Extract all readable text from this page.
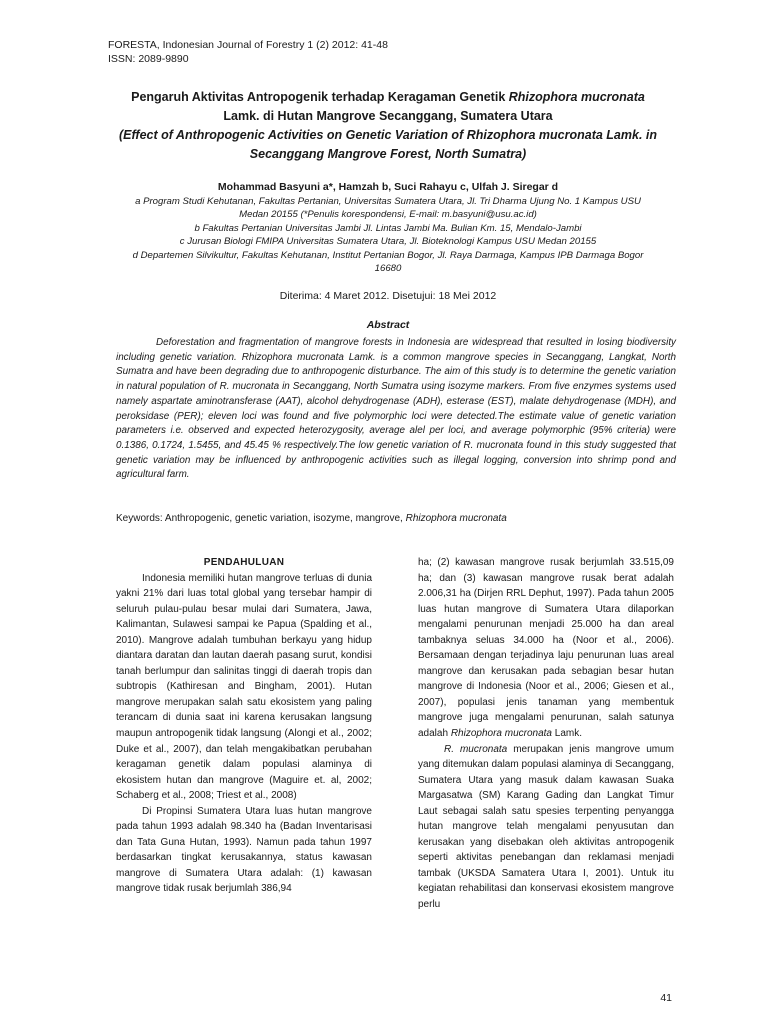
FORESTA, Indonesian Journal of Forestry 1 (2) 2012: 41-48
ISSN: 2089-9890
Pengaruh Aktivitas Antropogenik terhadap Keragaman Genetik Rhizophora mucronata
Lamk. di Hutan Mangrove Secanggang, Sumatera Utara
(Effect of Anthropogenic Activities on Genetic Variation of Rhizophora mucronata Lamk. in
Secanggang Mangrove Forest, North Sumatra)
Mohammad Basyuni a*, Hamzah b, Suci Rahayu c, Ulfah J. Siregar d
a Program Studi Kehutanan, Fakultas Pertanian, Universitas Sumatera Utara, Jl. Tri Dharma Ujung No. 1 Kampus USU
Medan 20155 (*Penulis korespondensi, E-mail: m.basyuni@usu.ac.id)
b Fakultas Pertanian Universitas Jambi Jl. Lintas Jambi Ma. Bulian Km. 15, Mendalo-Jambi
c Jurusan Biologi FMIPA Universitas Sumatera Utara, Jl. Bioteknologi Kampus USU Medan 20155
d Departemen Silvikultur, Fakultas Kehutanan, Institut Pertanian Bogor, Jl. Raya Darmaga, Kampus IPB Darmaga Bogor
16680
Diterima: 4 Maret 2012. Disetujui: 18 Mei 2012
Abstract
Deforestation and fragmentation of mangrove forests in Indonesia are widespread that resulted in losing biodiversity including genetic variation. Rhizophora mucronata Lamk. is a common mangrove species in Secanggang, Langkat, North Sumatra and have been degrading due to anthropogenic disturbance. The aim of this study is to determine the genetic variation in natural population of R. mucronata in Secanggang, North Sumatra using isozyme markers. From five enzymes systems used namely aspartate aminotransferase (AAT), alcohol dehydrogenase (ADH), esterase (EST), malate dehydrogenase (MDH), and peroksidase (PER); eleven loci was found and five polymorphic loci were detected.The estimate value of genetic variation parameters i.e. observed and expected heterozygosity, average alel per loci, and average polymorphic (95% criteria) were 0.1386, 0.1724, 1.5455, and 45.45 % respectively.The low genetic variation of R. mucronata found in this study suggested that genetic variation may be influenced by anthropogenic activities such as illegal logging, conversion into shrimp pond and agricultural farm.
Keywords: Anthropogenic, genetic variation, isozyme, mangrove, Rhizophora mucronata
PENDAHULUAN

Indonesia memiliki hutan mangrove terluas di dunia yakni 21% dari luas total global yang tersebar hampir di seluruh pulau-pulau besar mulai dari Sumatera, Jawa, Kalimantan, Sulawesi sampai ke Papua (Spalding et al., 2010). Mangrove adalah tumbuhan berkayu yang hidup diantara daratan dan lautan daerah pasang surut, kondisi tanah berlumpur dan salinitas tinggi di daerah tropis dan subtropis (Kathiresan and Bingham, 2001). Hutan mangrove merupakan salah satu ekosistem yang paling terancam di dunia saat ini karena kerusakan langsung maupun antropogenik tidak langsung (Alongi et al., 2002; Duke et al., 2007), dan telah mengakibatkan perubahan keragaman genetik dalam populasi alaminya di ekosistem hutan dan mangrove (Maguire et. al, 2002; Schaberg et al., 2008; Triest et al., 2008)

Di Propinsi Sumatera Utara luas hutan mangrove pada tahun 1993 adalah 98.340 ha (Badan Inventarisasi dan Tata Guna Hutan, 1993). Namun pada tahun 1997 berdasarkan tingkat kerusakannya, status kawasan mangrove di Sumatera Utara adalah: (1) kawasan mangrove tidak rusak berjumlah 386,94

ha; (2) kawasan mangrove rusak berjumlah 33.515,09 ha; dan (3) kawasan mangrove rusak berat adalah 2.006,31 ha (Dirjen RRL Dephut, 1997). Pada tahun 2005 luas hutan mangrove di Sumatera Utara dilaporkan mengalami penurunan menjadi 25.000 ha dan areal tambaknya seluas 34.000 ha (Noor et al., 2006). Bersamaan dengan terjadinya laju penurunan luas areal mangrove dan kerusakan pada sebagian besar hutan mangrove di Indonesia (Noor et al., 2006; Giesen et al., 2007), populasi jenis tanaman yang membentuk mangrove juga mengalami penurunan, salah satunya adalah Rhizophora mucronata Lamk.

R. mucronata merupakan jenis mangrove umum yang ditemukan dalam populasi alaminya di Secanggang, Sumatera Utara yang masuk dalam kawasan Suaka Margasatwa (SM) Karang Gading dan Langkat Timur Laut sebagai salah satu spesies terpenting penyangga hutan mangrove telah mengalami penyusutan dan kerusakan yang disebakan oleh aktivitas antropogenik seperti aktivitas penebangan dan reklamasi menjadi tambak (UKSDA Samatera Utara I, 2001). Untuk itu kegiatan rehabilitasi dan konservasi ekosistem mangrove perlu

41
